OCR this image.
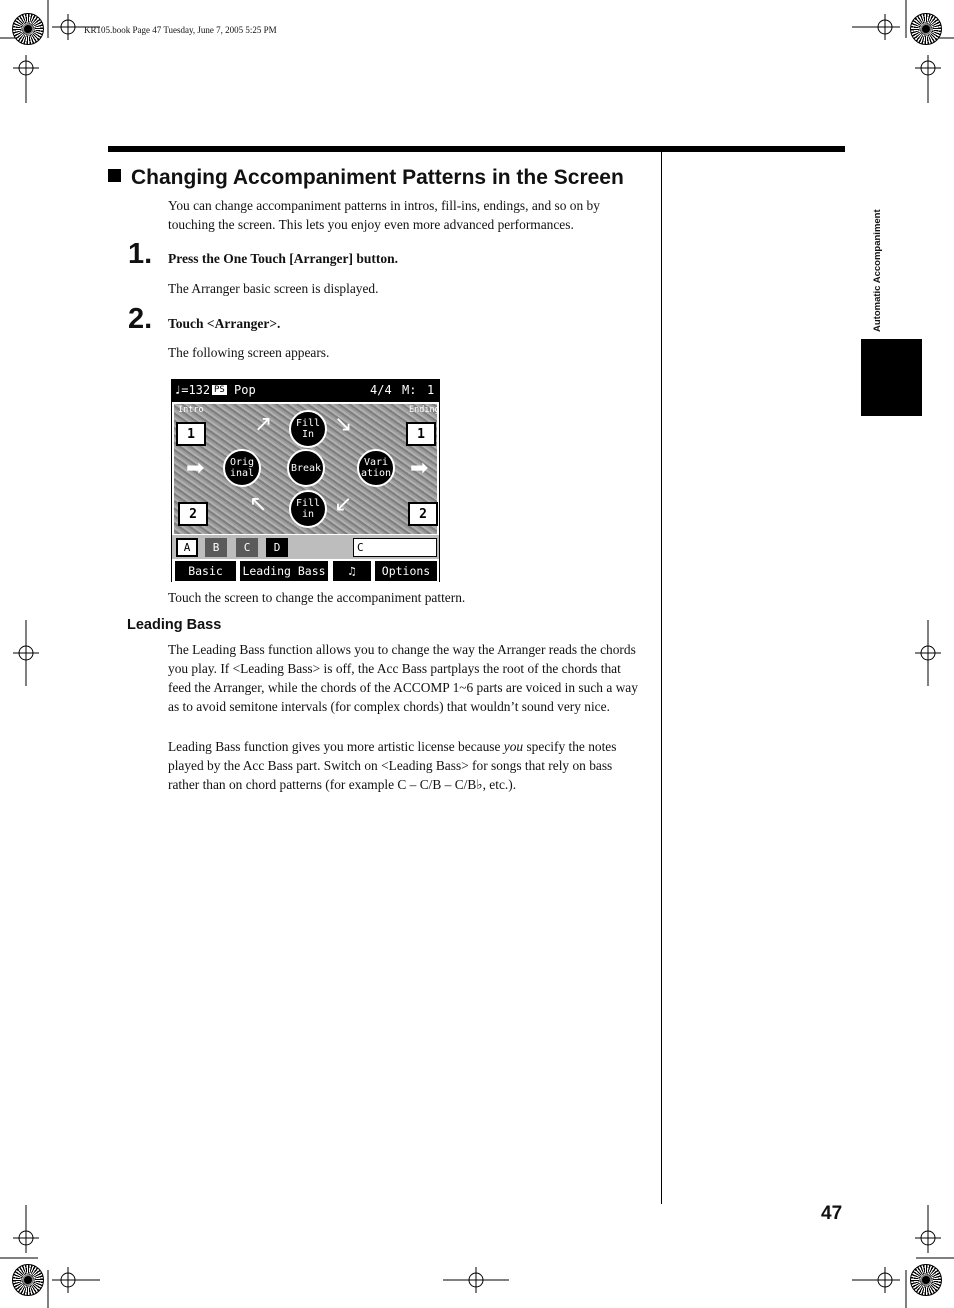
KR105.book Page 47 Tuesday, June 7, 2005 5:25 PM
Changing Accompaniment Patterns in the Screen
You can change accompaniment patterns in intros, fill-ins, endings, and so on by touching the screen. This lets you enjoy even more advanced performances.
1. Press the One Touch [Arranger] button.
The Arranger basic screen is displayed.
2. Touch <Arranger>.
The following screen appears.
♩=132 PS Pop	4/4 M: 1
Intro	Ending
1
2
1
2
Fill In
Orig inal	Break	Vari ation
Fill in
↗	↘
↖	↙
➡	➡
A	B	C	D	C
Basic	Leading Bass	♫	Options
Touch the screen to change the accompaniment pattern.
Leading Bass
The Leading Bass function allows you to change the way the Arranger reads the chords you play. If <Leading Bass> is off, the Acc Bass partplays the root of the chords that feed the Arranger, while the chords of the ACCOMP 1~6 parts are voiced in such a way as to avoid semitone intervals (for complex chords) that wouldn’t sound very nice.
Leading Bass function gives you more artistic license because you specify the notes played by the Acc Bass part. Switch on <Leading Bass> for songs that rely on bass rather than on chord patterns (for example C – C/B – C/B♭, etc.).
Automatic Accompaniment
47
